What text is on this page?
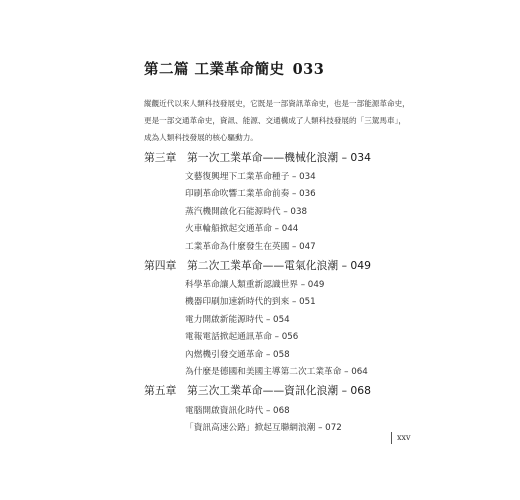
第二篇 工業革命簡史 033

縱觀近代以來人類科技發展史，它既是一部資訊革命史，也是一部能源革命史，

更是一部交通革命史，資訊、能源、交通構成了人類科技發展的「三駕馬車」，

成為人類科技發展的核心驅動力。

第三章 第一次工業革命——機械化浪潮 – 034
文藝復興埋下工業革命種子 – 034
印刷革命吹響工業革命前奏 – 036
蒸汽機開啟化石能源時代 – 038
火車輪船掀起交通革命 – 044
工業革命為什麼發生在英國 – 047
第四章 第二次工業革命——電氣化浪潮 – 049
科學革命讓人類重新認識世界 – 049
機器印刷加速新時代的到來 – 051
電力開啟新能源時代 – 054
電報電話掀起通訊革命 – 056
內燃機引發交通革命 – 058
為什麼是德國和美國主導第二次工業革命 – 064
第五章 第三次工業革命——資訊化浪潮 – 068
電腦開啟資訊化時代 – 068
「資訊高速公路」掀起互聯網浪潮 – 072
xxv
